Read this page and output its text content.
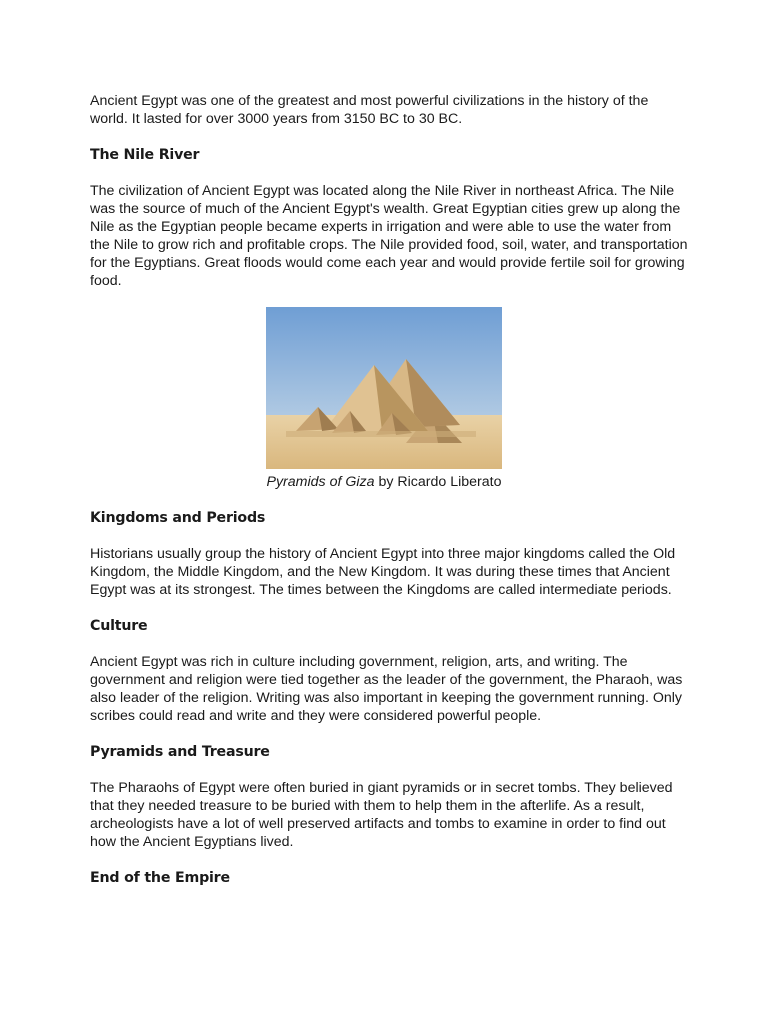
Ancient Egypt was one of the greatest and most powerful civilizations in the history of the world. It lasted for over 3000 years from 3150 BC to 30 BC.

The Nile River

The civilization of Ancient Egypt was located along the Nile River in northeast Africa. The Nile was the source of much of the Ancient Egypt's wealth. Great Egyptian cities grew up along the Nile as the Egyptian people became experts in irrigation and were able to use the water from the Nile to grow rich and profitable crops. The Nile provided food, soil, water, and transportation for the Egyptians. Great floods would come each year and would provide fertile soil for growing food.

Pyramids of Giza by Ricardo Liberato
Kingdoms and Periods

Historians usually group the history of Ancient Egypt into three major kingdoms called the Old Kingdom, the Middle Kingdom, and the New Kingdom. It was during these times that Ancient Egypt was at its strongest. The times between the Kingdoms are called intermediate periods.

Culture

Ancient Egypt was rich in culture including government, religion, arts, and writing. The government and religion were tied together as the leader of the government, the Pharaoh, was also leader of the religion. Writing was also important in keeping the government running. Only scribes could read and write and they were considered powerful people.

Pyramids and Treasure

The Pharaohs of Egypt were often buried in giant pyramids or in secret tombs. They believed that they needed treasure to be buried with them to help them in the afterlife. As a result, archeologists have a lot of well preserved artifacts and tombs to examine in order to find out how the Ancient Egyptians lived.

End of the Empire
